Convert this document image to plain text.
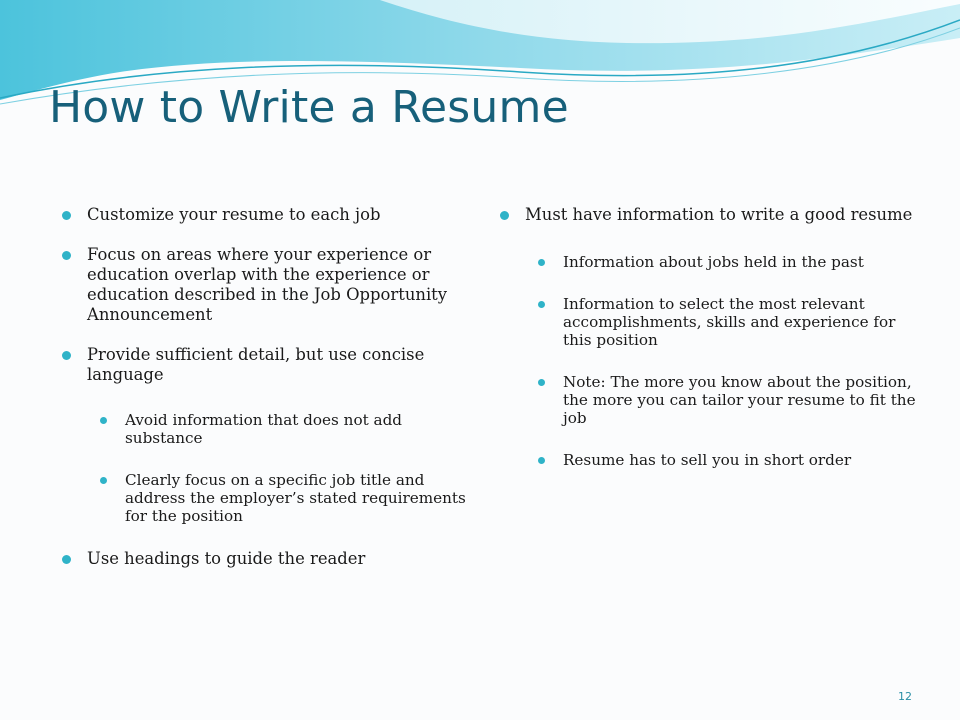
How to Write a Resume
Customize your resume to each job
Focus on areas where your experience or education overlap with the experience or education described in the Job Opportunity Announcement
Provide sufficient detail, but use concise language
Avoid information that does not add substance
Clearly focus on a specific job title and address the employer’s stated requirements for the position
Use headings to guide the reader
Must have information to write a good resume
Information about jobs held in the past
Information to select the most relevant accomplishments, skills and experience for this position
Note: The more you know about the position, the more you can tailor your resume to fit the job
Resume has to sell you in short order
12
